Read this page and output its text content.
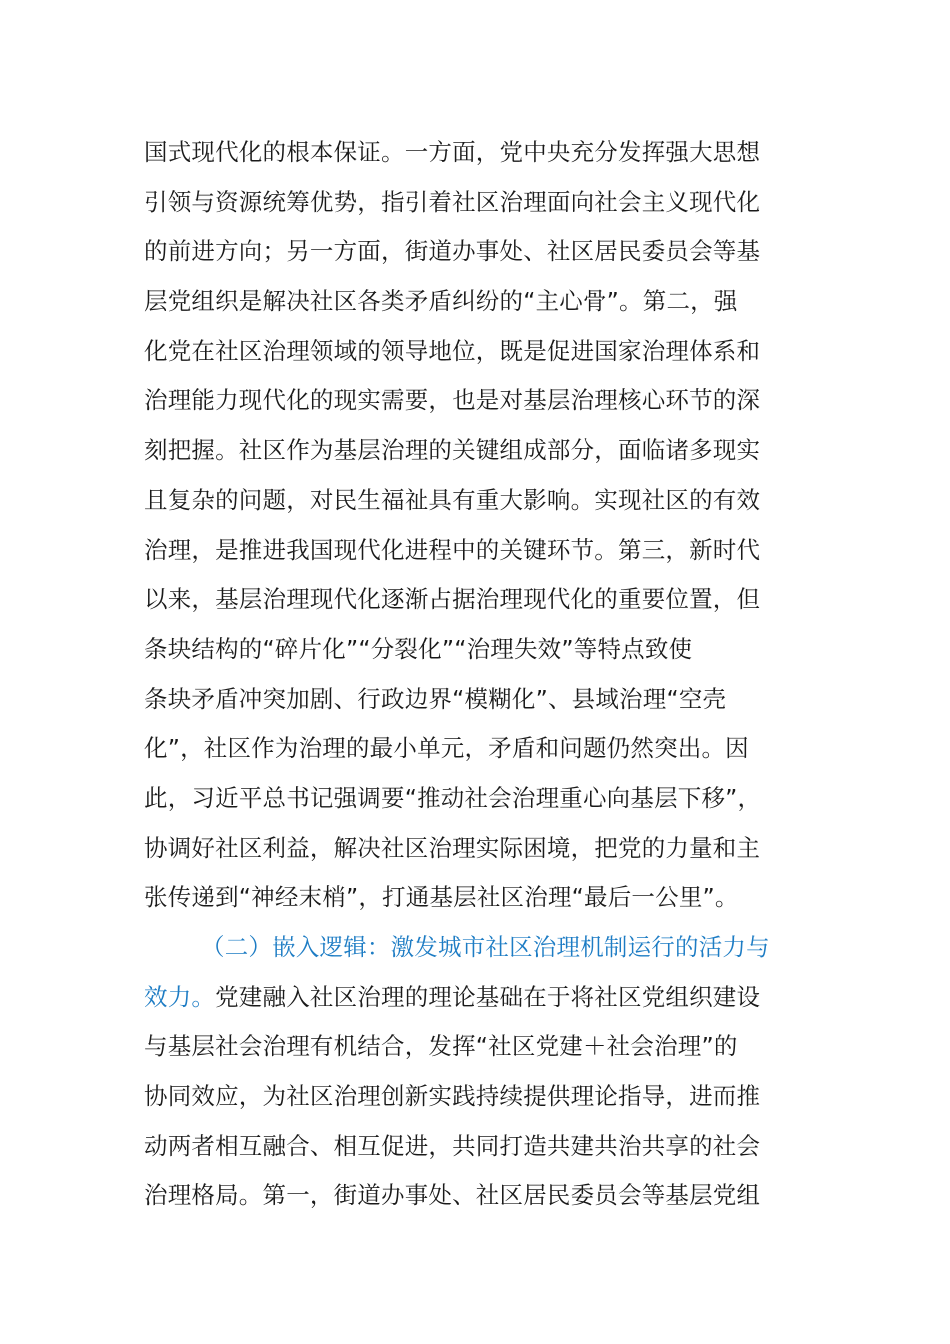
国式现代化的根本保证。一方面，党中央充分发挥强大思想
引领与资源统筹优势，指引着社区治理面向社会主义现代化
的前进方向；另一方面，街道办事处、社区居民委员会等基
层党组织是解决社区各类矛盾纠纷的“主心骨”。第二，强
化党在社区治理领域的领导地位，既是促进国家治理体系和
治理能力现代化的现实需要，也是对基层治理核心环节的深
刻把握。社区作为基层治理的关键组成部分，面临诸多现实
且复杂的问题，对民生福祉具有重大影响。实现社区的有效
治理，是推进我国现代化进程中的关键环节。第三，新时代
以来，基层治理现代化逐渐占据治理现代化的重要位置，但
条块结构的“碎片化”“分裂化”“治理失效”等特点致使
条块矛盾冲突加剧、行政边界“模糊化”、县域治理“空壳
化”，社区作为治理的最小单元，矛盾和问题仍然突出。因
此，习近平总书记强调要“推动社会治理重心向基层下移”，
协调好社区利益，解决社区治理实际困境，把党的力量和主
张传递到“神经末梢”，打通基层社区治理“最后一公里”。
（二）嵌入逻辑：激发城市社区治理机制运行的活力与
效力。党建融入社区治理的理论基础在于将社区党组织建设
与基层社会治理有机结合，发挥“社区党建＋社会治理”的
协同效应，为社区治理创新实践持续提供理论指导，进而推
动两者相互融合、相互促进，共同打造共建共治共享的社会
治理格局。第一，街道办事处、社区居民委员会等基层党组
